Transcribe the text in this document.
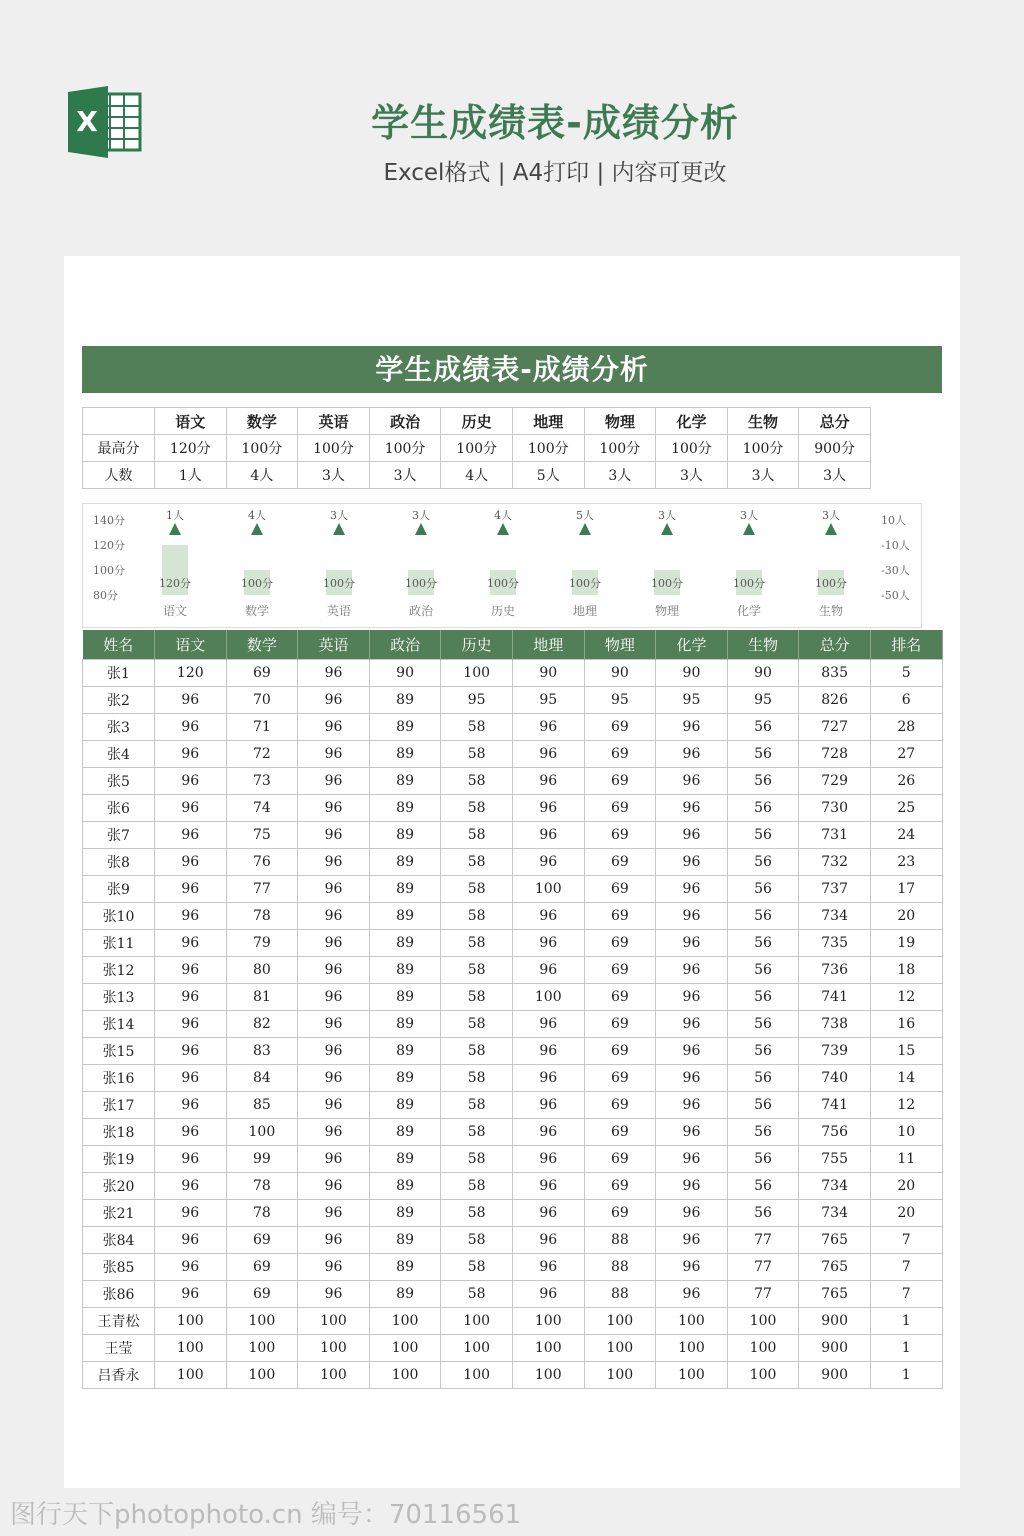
X	学生成绩表-成绩分析
Excel格式 | A4打印 | 内容可更改
学生成绩表-成绩分析
	语文	数学	英语	政治	历史	地理	物理	化学	生物	总分
最高分	120分	100分	100分	100分	100分	100分	100分	100分	100分	900分
人数	1人	4人	3人	3人	4人	5人	3人	3人	3人	3人
140分
120分
100分
80分
10人
-10人
-30人
-50人
120分
1人
语文
100分
4人
数学
100分
3人
英语
100分
3人
政治
100分
4人
历史
100分
5人
地理
100分
3人
物理
100分
3人
化学
100分
3人
生物
姓名	语文	数学	英语	政治	历史	地理	物理	化学	生物	总分	排名
张1	120	69	96	90	100	90	90	90	90	835	5
张2	96	70	96	89	95	95	95	95	95	826	6
张3	96	71	96	89	58	96	69	96	56	727	28
张4	96	72	96	89	58	96	69	96	56	728	27
张5	96	73	96	89	58	96	69	96	56	729	26
张6	96	74	96	89	58	96	69	96	56	730	25
张7	96	75	96	89	58	96	69	96	56	731	24
张8	96	76	96	89	58	96	69	96	56	732	23
张9	96	77	96	89	58	100	69	96	56	737	17
张10	96	78	96	89	58	96	69	96	56	734	20
张11	96	79	96	89	58	96	69	96	56	735	19
张12	96	80	96	89	58	96	69	96	56	736	18
张13	96	81	96	89	58	100	69	96	56	741	12
张14	96	82	96	89	58	96	69	96	56	738	16
张15	96	83	96	89	58	96	69	96	56	739	15
张16	96	84	96	89	58	96	69	96	56	740	14
张17	96	85	96	89	58	96	69	96	56	741	12
张18	96	100	96	89	58	96	69	96	56	756	10
张19	96	99	96	89	58	96	69	96	56	755	11
张20	96	78	96	89	58	96	69	96	56	734	20
张21	96	78	96	89	58	96	69	96	56	734	20
张84	96	69	96	89	58	96	88	96	77	765	7
张85	96	69	96	89	58	96	88	96	77	765	7
张86	96	69	96	89	58	96	88	96	77	765	7
王青松	100	100	100	100	100	100	100	100	100	900	1
王莹	100	100	100	100	100	100	100	100	100	900	1
吕香永	100	100	100	100	100	100	100	100	100	900	1
图行天下photophoto.cn 编号：70116561
